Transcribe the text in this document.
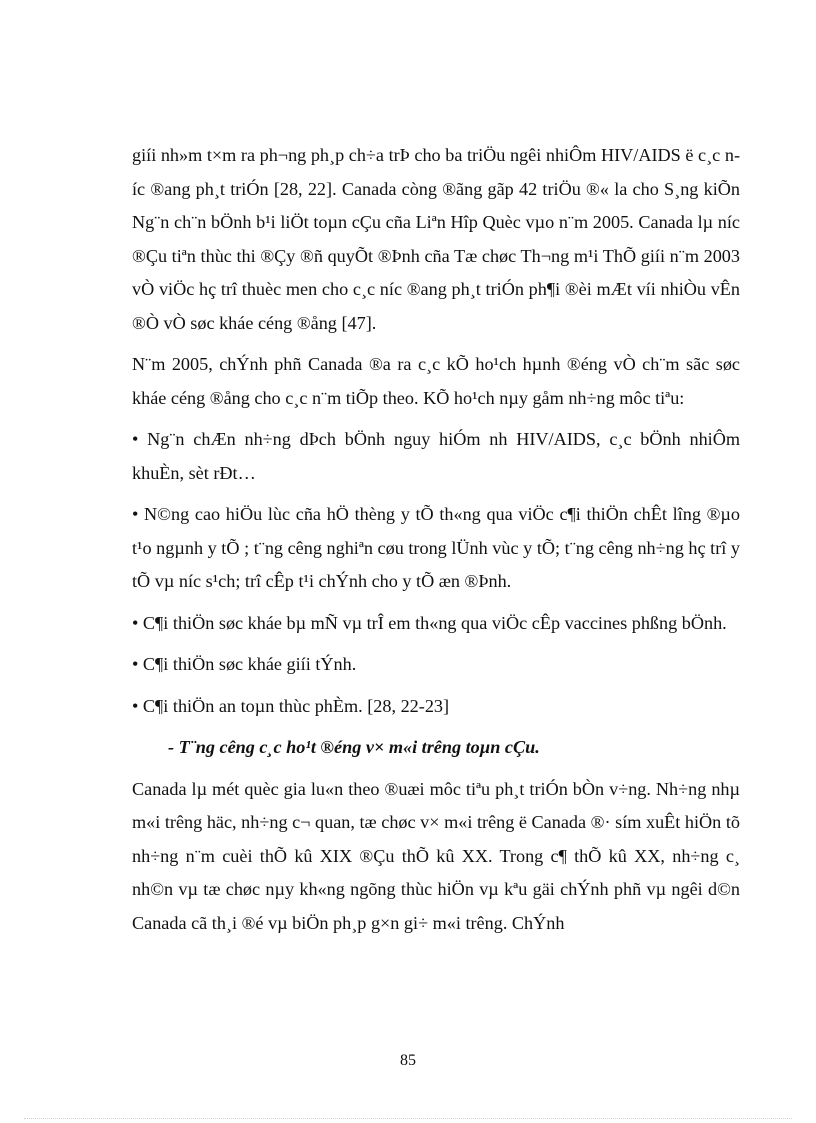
giíi nh»m t×m ra ph¬ng ph¸p ch÷a trÞ cho ba triÖu ngêi nhiÔm HIV/AIDS ë c¸c níc ®ang ph¸t triÓn [28, 22]. Canada còng ®ãng gãp 42 triÖu ®« la cho S¸ng kiÕn Ng¨n ch¨n bÖnh b¹i liÖt toµn cÇu cña Liªn Hîp Quèc vµo n¨m 2005. Canada lµ níc ®Çu tiªn thùc thi ®Çy ®ñ quyÕt ®Þnh cña Tæ chøc Th¬ng m¹i ThÕ giíi n¨m 2003 vÒ viÖc hç trî thuèc men cho c¸c níc ®ang ph¸t triÓn ph¶i ®èi mÆt víi nhiÒu vÊn ®Ò vÒ søc kháe céng ®ång [47].

N¨m 2005, chÝnh phñ Canada ®a ra c¸c kÕ ho¹ch hµnh ®éng vÒ ch¨m sãc søc kháe céng ®ång cho c¸c n¨m tiÕp theo. KÕ ho¹ch nµy gåm nh÷ng môc tiªu:

• Ng¨n chÆn nh÷ng dÞch bÖnh nguy hiÓm nh HIV/AIDS, c¸c bÖnh nhiÔm khuÈn, sèt rÐt…

• N©ng cao hiÖu lùc cña hÖ thèng y tÕ th«ng qua viÖc c¶i thiÖn chÊt lîng ®µo t¹o ngµnh y tÕ ; t¨ng cêng nghiªn cøu trong lÜnh vùc y tÕ; t¨ng cêng nh÷ng hç trî y tÕ vµ níc s¹ch; trî cÊp t¹i chÝnh cho y tÕ æn ®Þnh.

• C¶i thiÖn søc kháe bµ mÑ vµ trÎ em th«ng qua viÖc cÊp vaccines phßng bÖnh.

• C¶i thiÖn søc kháe giíi tÝnh.

• C¶i thiÖn an toµn thùc phÈm. [28, 22-23]

- T¨ng cêng c¸c ho¹t ®éng v× m«i trêng toµn cÇu.

Canada lµ mét quèc gia lu«n theo ®uæi môc tiªu ph¸t triÓn bÒn v÷ng. Nh÷ng nhµ m«i trêng häc, nh÷ng c¬ quan, tæ chøc v× m«i trêng ë Canada ®· sím xuÊt hiÖn tõ nh÷ng n¨m cuèi thÕ kû XIX ®Çu thÕ kû XX. Trong c¶ thÕ kû XX, nh÷ng c¸ nh©n vµ tæ chøc nµy kh«ng ngõng thùc hiÖn vµ kªu gäi chÝnh phñ vµ ngêi d©n Canada cã th¸i ®é vµ biÖn ph¸p g×n gi÷ m«i trêng. ChÝnh

85
